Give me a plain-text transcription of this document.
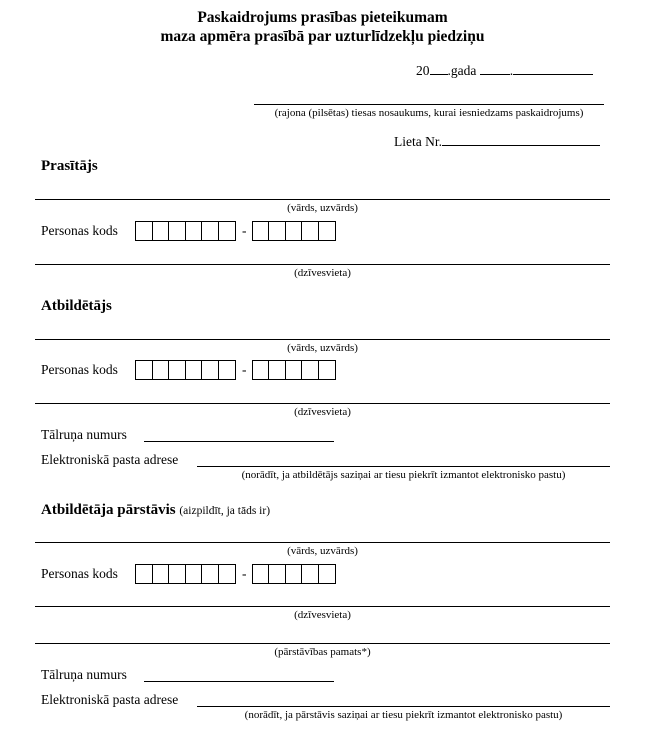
Paskaidrojums prasības pieteikumam
maza apmēra prasībā par uzturlīdzekļu piedziņu
20 .gada .
(rajona (pilsētas) tiesas nosaukums, kurai iesniedzams paskaidrojums)
Lieta Nr.
Prasītājs
(vārds, uzvārds)
Personas kods	-
(dzīvesvieta)
Atbildētājs
(vārds, uzvārds)
Personas kods	-
(dzīvesvieta)
Tālruņa numurs
Elektroniskā pasta adrese
(norādīt, ja atbildētājs saziņai ar tiesu piekrīt izmantot elektronisko pastu)
Atbildētāja pārstāvis (aizpildīt, ja tāds ir)
(vārds, uzvārds)
Personas kods	-
(dzīvesvieta)
(pārstāvības pamats*)
Tālruņa numurs
Elektroniskā pasta adrese
(norādīt, ja pārstāvis saziņai ar tiesu piekrīt izmantot elektronisko pastu)
